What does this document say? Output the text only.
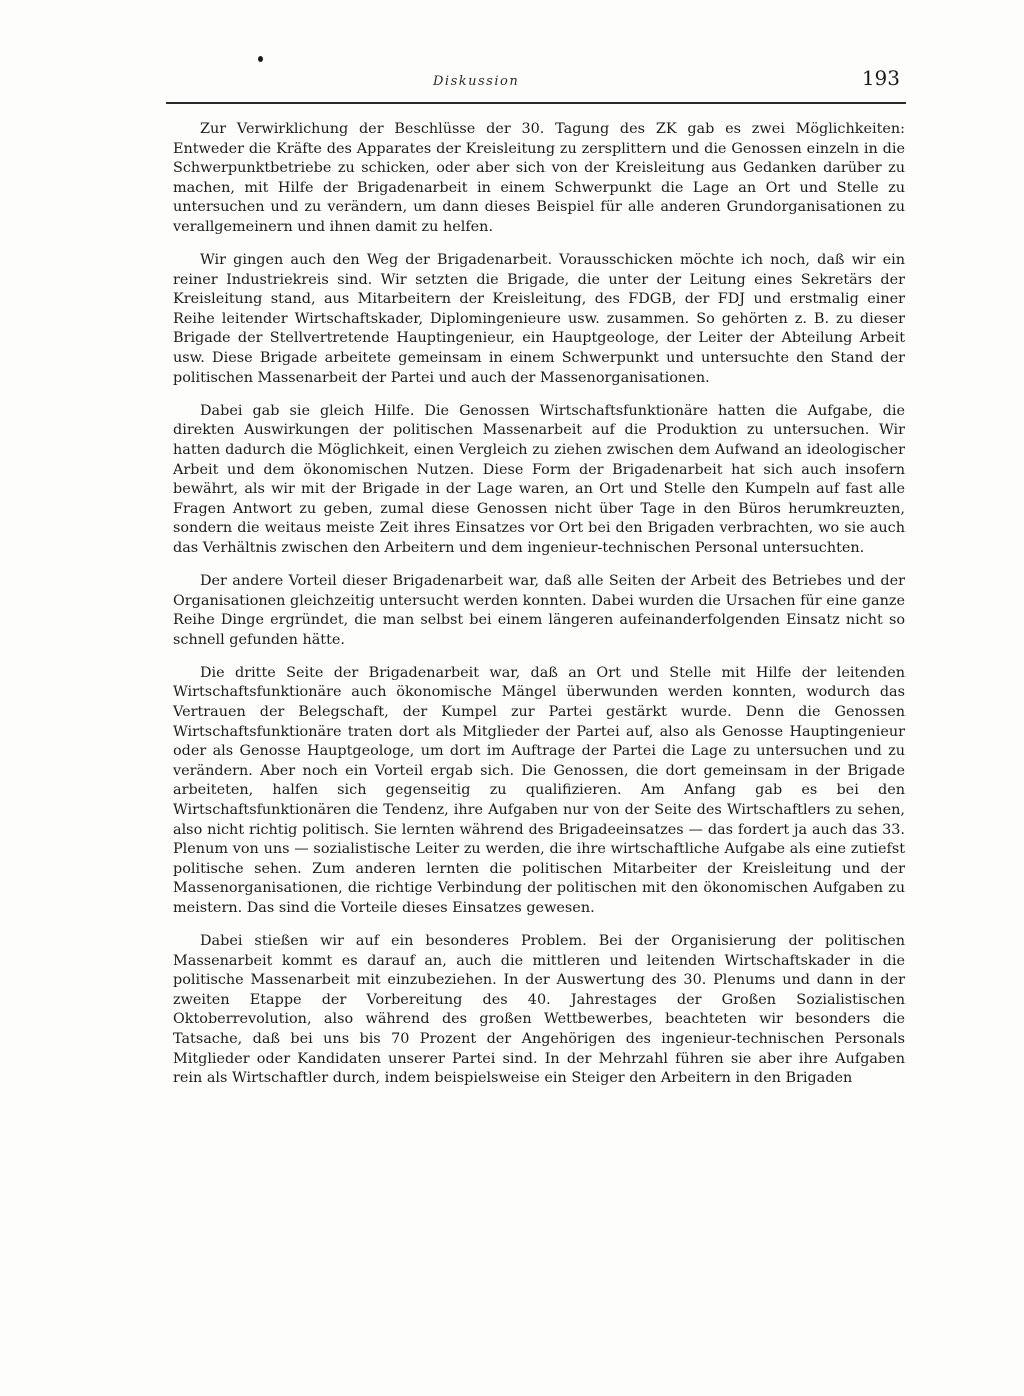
Diskussion	193

Zur Verwirklichung der Beschlüsse der 30. Tagung des ZK gab es zwei Möglichkeiten: Entweder die Kräfte des Apparates der Kreisleitung zu zersplittern und die Genossen einzeln in die Schwerpunktbetriebe zu schicken, oder aber sich von der Kreisleitung aus Gedanken darüber zu machen, mit Hilfe der Brigadenarbeit in einem Schwerpunkt die Lage an Ort und Stelle zu untersuchen und zu verändern, um dann dieses Beispiel für alle anderen Grundorganisationen zu verallgemeinern und ihnen damit zu helfen.

Wir gingen auch den Weg der Brigadenarbeit. Vorausschicken möchte ich noch, daß wir ein reiner Industriekreis sind. Wir setzten die Brigade, die unter der Leitung eines Sekretärs der Kreisleitung stand, aus Mitarbeitern der Kreisleitung, des FDGB, der FDJ und erstmalig einer Reihe leitender Wirtschaftskader, Diplomingenieure usw. zusammen. So gehörten z. B. zu dieser Brigade der Stellvertretende Hauptingenieur, ein Hauptgeologe, der Leiter der Abteilung Arbeit usw. Diese Brigade arbeitete gemeinsam in einem Schwerpunkt und untersuchte den Stand der politischen Massenarbeit der Partei und auch der Massenorganisationen.

Dabei gab sie gleich Hilfe. Die Genossen Wirtschaftsfunktionäre hatten die Aufgabe, die direkten Auswirkungen der politischen Massenarbeit auf die Produktion zu untersuchen. Wir hatten dadurch die Möglichkeit, einen Vergleich zu ziehen zwischen dem Aufwand an ideologischer Arbeit und dem ökonomischen Nutzen. Diese Form der Brigadenarbeit hat sich auch insofern bewährt, als wir mit der Brigade in der Lage waren, an Ort und Stelle den Kumpeln auf fast alle Fragen Antwort zu geben, zumal diese Genossen nicht über Tage in den Büros herumkreuzten, sondern die weitaus meiste Zeit ihres Einsatzes vor Ort bei den Brigaden verbrachten, wo sie auch das Verhältnis zwischen den Arbeitern und dem ingenieur-technischen Personal untersuchten.

Der andere Vorteil dieser Brigadenarbeit war, daß alle Seiten der Arbeit des Betriebes und der Organisationen gleichzeitig untersucht werden konnten. Dabei wurden die Ursachen für eine ganze Reihe Dinge ergründet, die man selbst bei einem längeren aufeinanderfolgenden Einsatz nicht so schnell gefunden hätte.

Die dritte Seite der Brigadenarbeit war, daß an Ort und Stelle mit Hilfe der leitenden Wirtschaftsfunktionäre auch ökonomische Mängel überwunden werden konnten, wodurch das Vertrauen der Belegschaft, der Kumpel zur Partei gestärkt wurde. Denn die Genossen Wirtschaftsfunktionäre traten dort als Mitglieder der Partei auf, also als Genosse Hauptingenieur oder als Genosse Hauptgeologe, um dort im Auftrage der Partei die Lage zu untersuchen und zu verändern. Aber noch ein Vorteil ergab sich. Die Genossen, die dort gemeinsam in der Brigade arbeiteten, halfen sich gegenseitig zu qualifizieren. Am Anfang gab es bei den Wirtschaftsfunktionären die Tendenz, ihre Aufgaben nur von der Seite des Wirtschaftlers zu sehen, also nicht richtig politisch. Sie lernten während des Brigadeeinsatzes — das fordert ja auch das 33. Plenum von uns — sozialistische Leiter zu werden, die ihre wirtschaftliche Aufgabe als eine zutiefst politische sehen. Zum anderen lernten die politischen Mitarbeiter der Kreisleitung und der Massenorganisationen, die richtige Verbindung der politischen mit den ökonomischen Aufgaben zu meistern. Das sind die Vorteile dieses Einsatzes gewesen.

Dabei stießen wir auf ein besonderes Problem. Bei der Organisierung der politischen Massenarbeit kommt es darauf an, auch die mittleren und leitenden Wirtschaftskader in die politische Massenarbeit mit einzubeziehen. In der Auswertung des 30. Plenums und dann in der zweiten Etappe der Vorbereitung des 40. Jahrestages der Großen Sozialistischen Oktoberrevolution, also während des großen Wettbewerbes, beachteten wir besonders die Tatsache, daß bei uns bis 70 Prozent der Angehörigen des ingenieur-technischen Personals Mitglieder oder Kandidaten unserer Partei sind. In der Mehrzahl führen sie aber ihre Aufgaben rein als Wirtschaftler durch, indem beispielsweise ein Steiger den Arbeitern in den Brigaden
